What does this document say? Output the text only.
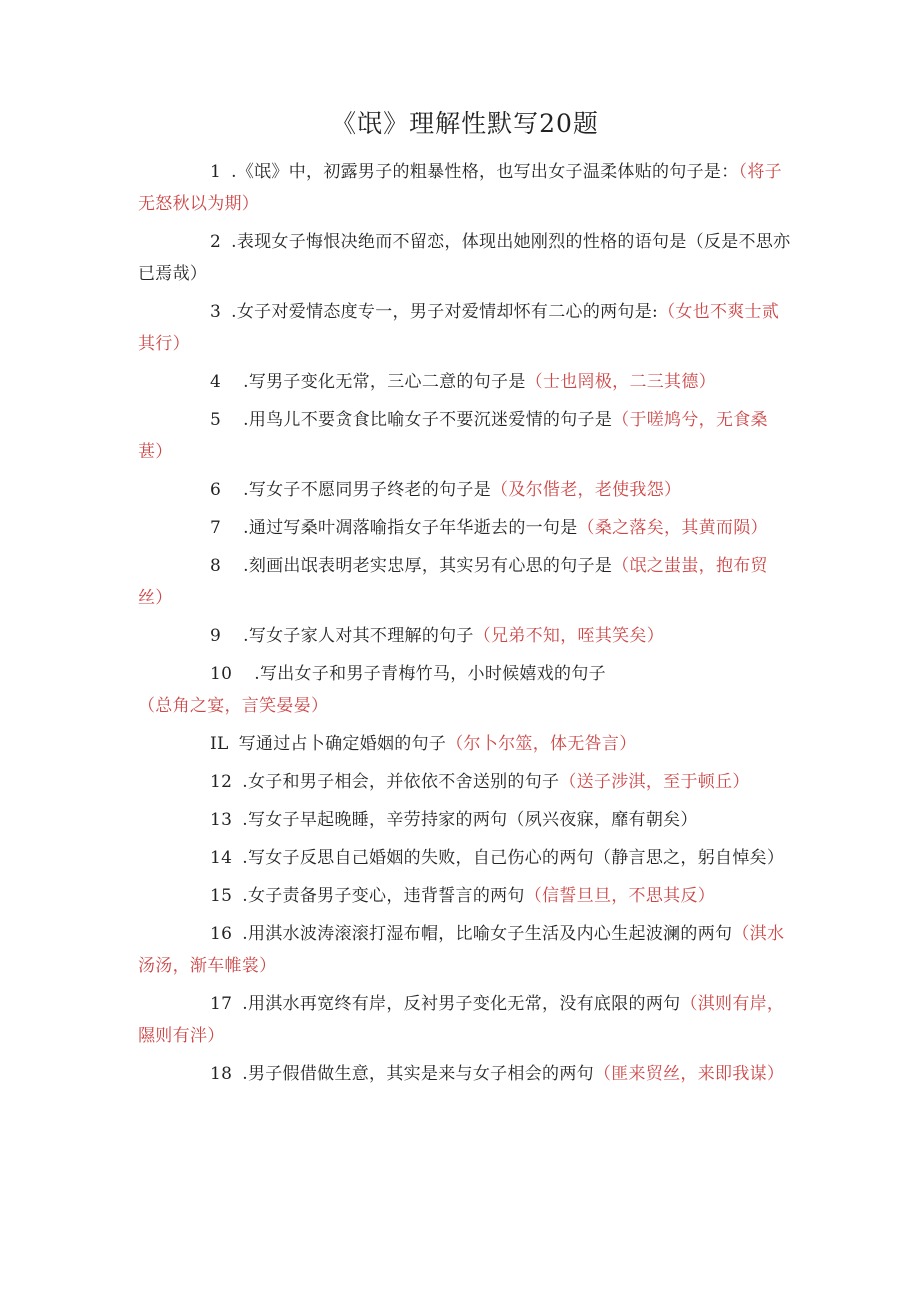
《氓》理解性默写20题
1 .《氓》中，初露男子的粗暴性格，也写出女子温柔体贴的句子是：（将子无怒秋以为期）
2 .表现女子悔恨决绝而不留恋，体现出她刚烈的性格的语句是（反是不思亦已焉哉）
3 .女子对爱情态度专一，男子对爱情却怀有二心的两句是:（女也不爽士贰其行）
4 .写男子变化无常，三心二意的句子是（士也罔极，二三其德）
5 .用鸟儿不要贪食比喻女子不要沉迷爱情的句子是（于嗟鸠兮，无食桑葚）
6 .写女子不愿同男子终老的句子是（及尔偕老，老使我怨）
7 .通过写桑叶凋落喻指女子年华逝去的一句是（桑之落矣，其黄而陨）
8 .刻画出氓表明老实忠厚，其实另有心思的句子是（氓之蚩蚩，抱布贸丝）
9 .写女子家人对其不理解的句子（兄弟不知，咥其笑矣）
10 .写出女子和男子青梅竹马，小时候嬉戏的句子（总角之宴，言笑晏晏）
IL 写通过占卜确定婚姻的句子（尔卜尔筮，体无咎言）
12 .女子和男子相会，并依依不舍送别的句子（送子涉淇，至于顿丘）
13 .写女子早起晚睡，辛劳持家的两句（夙兴夜寐，靡有朝矣）
14 .写女子反思自己婚姻的失败，自己伤心的两句（静言思之，躬自悼矣）
15 .女子责备男子变心，违背誓言的两句（信誓旦旦，不思其反）
16 .用淇水波涛滚滚打湿布帽，比喻女子生活及内心生起波澜的两句（淇水汤汤，渐车帷裳）
17 .用淇水再宽终有岸，反衬男子变化无常，没有底限的两句（淇则有岸，隰则有泮）
18 .男子假借做生意，其实是来与女子相会的两句（匪来贸丝，来即我谋）
